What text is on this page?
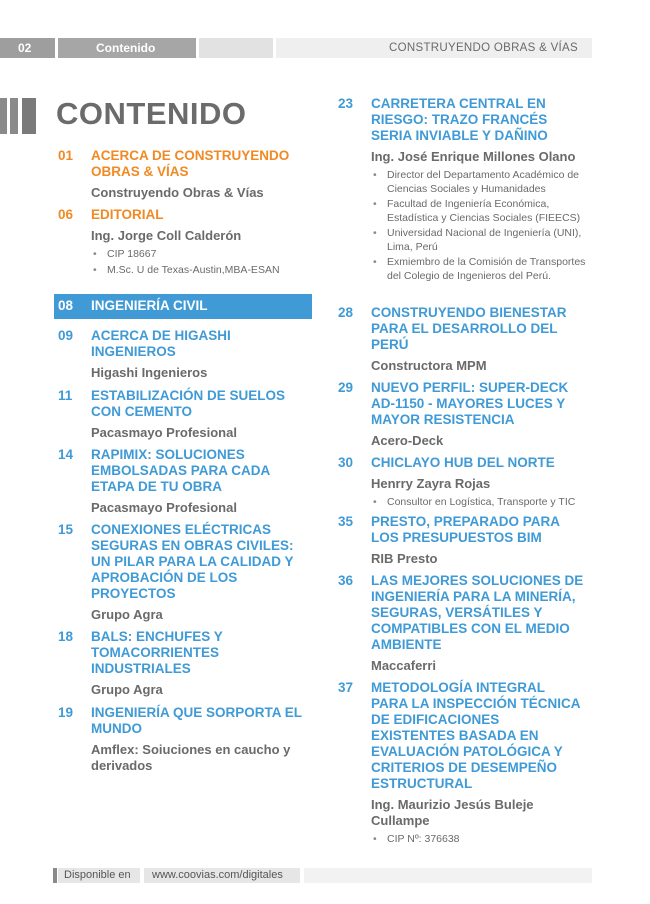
02	Contenido	CONSTRUYENDO OBRAS & VÍAS
CONTENIDO
01 ACERCA DE CONSTRUYENDO OBRAS & VÍAS
Construyendo Obras & Vías
06 EDITORIAL
Ing. Jorge Coll Calderón
• CIP 18667
• M.Sc. U de Texas-Austin,MBA-ESAN
08 INGENIERÍA CIVIL
09 ACERCA DE HIGASHI INGENIEROS
Higashi Ingenieros
11 ESTABILIZACIÓN DE SUELOS CON CEMENTO
Pacasmayo Profesional
14 RAPIMIX: SOLUCIONES EMBOLSADAS PARA CADA ETAPA DE TU OBRA
Pacasmayo Profesional
15 CONEXIONES ELÉCTRICAS SEGURAS EN OBRAS CIVILES: UN PILAR PARA LA CALIDAD Y APROBACIÓN DE LOS PROYECTOS
Grupo Agra
18 BALS: ENCHUFES Y TOMACORRIENTES INDUSTRIALES
Grupo Agra
19 INGENIERÍA QUE SORPORTA EL MUNDO
Amflex: Soiuciones en caucho y derivados
23 CARRETERA CENTRAL EN RIESGO: TRAZO FRANCÉS SERIA INVIABLE Y DAÑINO
Ing. José Enrique Millones Olano
• Director del Departamento Académico de Ciencias Sociales y Humanidades
• Facultad de Ingeniería Económica, Estadística y Ciencias Sociales (FIEECS)
• Universidad Nacional de Ingeniería (UNI), Lima, Perú
• Exmiembro de la Comisión de Transportes del Colegio de Ingenieros del Perú.
28 CONSTRUYENDO BIENESTAR PARA EL DESARROLLO DEL PERÚ
Constructora MPM
29 NUEVO PERFIL: SUPER-DECK AD-1150 - MAYORES LUCES Y MAYOR RESISTENCIA
Acero-Deck
30 CHICLAYO HUB DEL NORTE
Henrry Zayra Rojas
• Consultor en Logística, Transporte y TIC
35 PRESTO, PREPARADO PARA LOS PRESUPUESTOS BIM
RIB Presto
36 LAS MEJORES SOLUCIONES DE INGENIERÍA PARA LA MINERÍA, SEGURAS, VERSÁTILES Y COMPATIBLES CON EL MEDIO AMBIENTE
Maccaferri
37 METODOLOGÍA INTEGRAL PARA LA INSPECCIÓN TÉCNICA DE EDIFICACIONES EXISTENTES BASADA EN EVALUACIÓN PATOLÓGICA Y CRITERIOS DE DESEMPEÑO ESTRUCTURAL
Ing. Maurizio Jesús Buleje Cullampe
• CIP Nº: 376638
Disponible en	www.coovias.com/digitales
